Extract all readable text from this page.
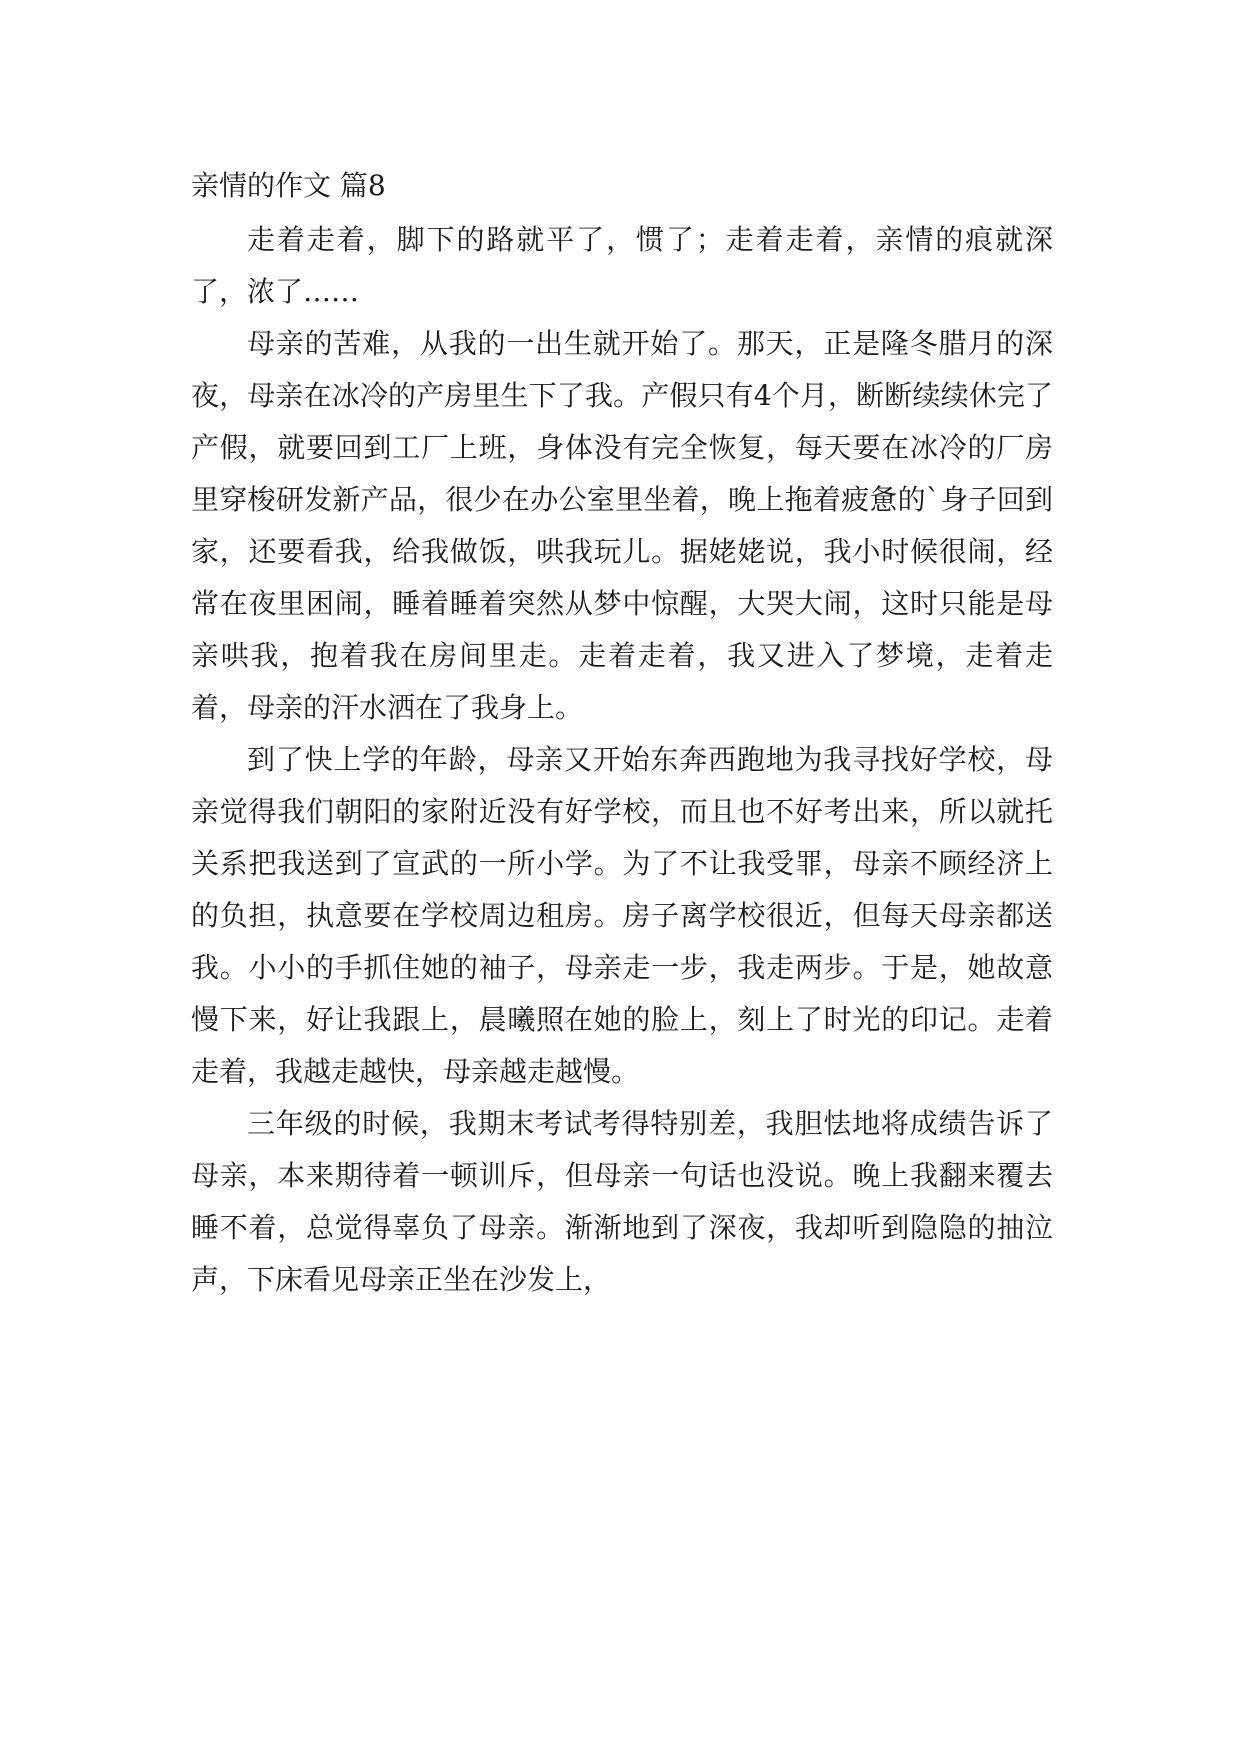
亲情的作文 篇8

走着走着，脚下的路就平了，惯了；走着走着，亲情的痕就深了，浓了……

母亲的苦难，从我的一出生就开始了。那天，正是隆冬腊月的深夜，母亲在冰冷的产房里生下了我。产假只有4个月，断断续续休完了产假，就要回到工厂上班，身体没有完全恢复，每天要在冰冷的厂房里穿梭研发新产品，很少在办公室里坐着，晚上拖着疲惫的`身子回到家，还要看我，给我做饭，哄我玩儿。据姥姥说，我小时候很闹，经常在夜里困闹，睡着睡着突然从梦中惊醒，大哭大闹，这时只能是母亲哄我，抱着我在房间里走。走着走着，我又进入了梦境，走着走着，母亲的汗水洒在了我身上。

到了快上学的年龄，母亲又开始东奔西跑地为我寻找好学校，母亲觉得我们朝阳的家附近没有好学校，而且也不好考出来，所以就托关系把我送到了宣武的一所小学。为了不让我受罪，母亲不顾经济上的负担，执意要在学校周边租房。房子离学校很近，但每天母亲都送我。小小的手抓住她的袖子，母亲走一步，我走两步。于是，她故意慢下来，好让我跟上，晨曦照在她的脸上，刻上了时光的印记。走着走着，我越走越快，母亲越走越慢。

三年级的时候，我期末考试考得特别差，我胆怯地将成绩告诉了母亲，本来期待着一顿训斥，但母亲一句话也没说。晚上我翻来覆去睡不着，总觉得辜负了母亲。渐渐地到了深夜，我却听到隐隐的抽泣声，下床看见母亲正坐在沙发上，
